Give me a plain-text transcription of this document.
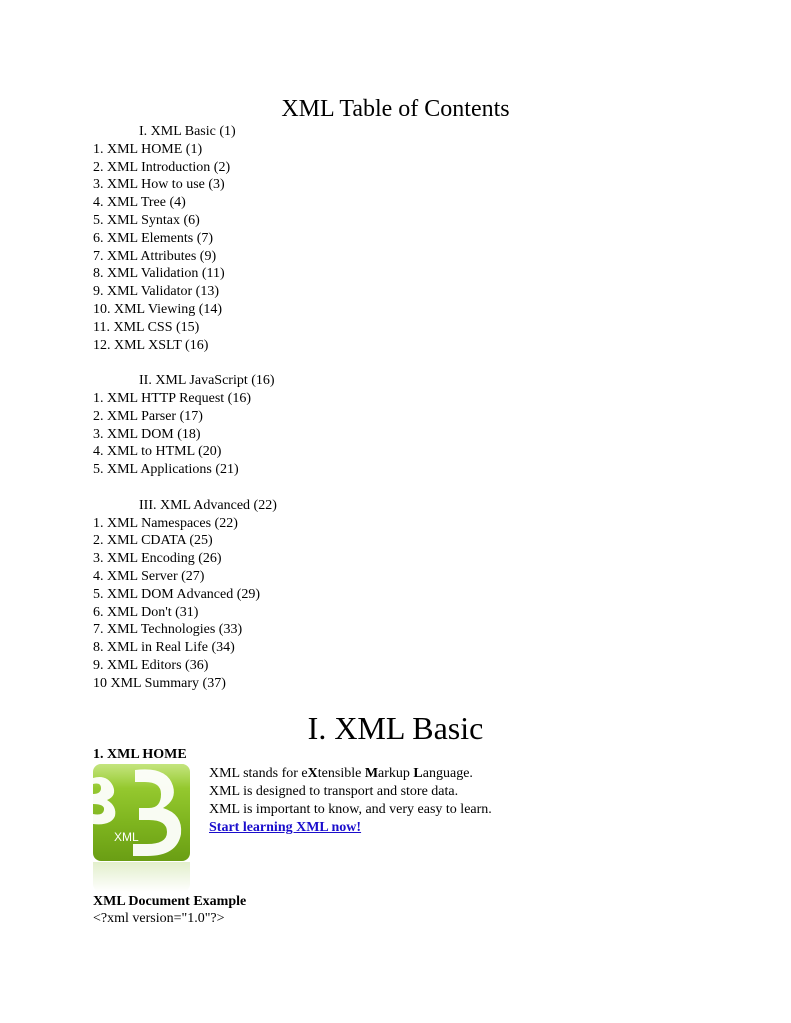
XML Table of Contents
I. XML Basic (1)
1. XML HOME (1)
2. XML Introduction (2)
3. XML How to use (3)
4. XML Tree (4)
5. XML Syntax (6)
6. XML Elements (7)
7. XML Attributes (9)
8. XML Validation (11)
9. XML Validator (13)
10. XML Viewing (14)
11. XML CSS (15)
12. XML XSLT (16)
II. XML JavaScript (16)
1. XML HTTP Request (16)
2. XML Parser (17)
3. XML DOM (18)
4. XML to HTML (20)
5. XML Applications (21)
III. XML Advanced (22)
1. XML Namespaces (22)
2. XML CDATA (25)
3. XML Encoding (26)
4. XML Server (27)
5. XML DOM Advanced (29)
6. XML Don't (31)
7. XML Technologies (33)
8. XML in Real Life (34)
9. XML Editors (36)
10 XML Summary (37)
I. XML Basic
1. XML HOME
XML
XML stands for eXtensible Markup Language.
XML is designed to transport and store data.
XML is important to know, and very easy to learn.
Start learning XML now!
XML Document Example
<?xml version="1.0"?>
